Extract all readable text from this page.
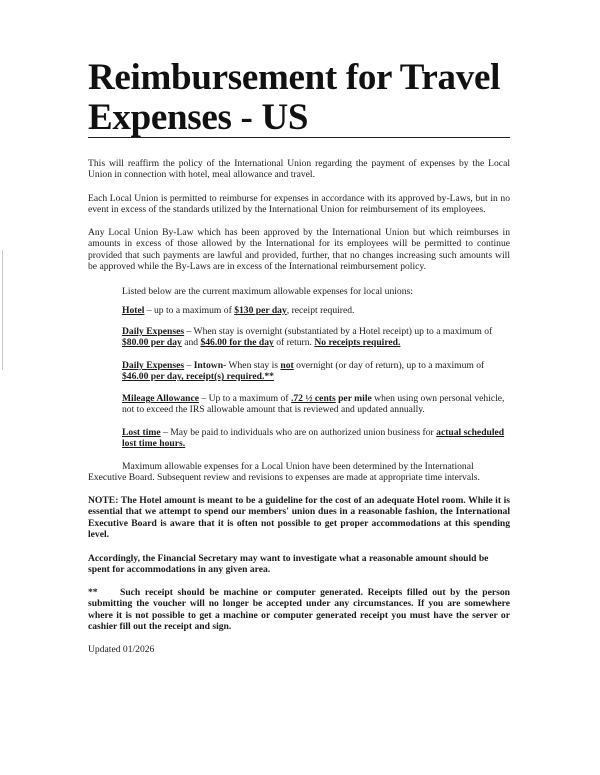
Reimbursement for Travel Expenses - US

This will reaffirm the policy of the International Union regarding the payment of expenses by the Local Union in connection with hotel, meal allowance and travel.

Each Local Union is permitted to reimburse for expenses in accordance with its approved by-Laws, but in no event in excess of the standards utilized by the International Union for reimbursement of its employees.

Any Local Union By-Law which has been approved by the International Union but which reimburses in amounts in excess of those allowed by the International for its employees will be permitted to continue provided that such payments are lawful and provided, further, that no changes increasing such amounts will be approved while the By-Laws are in excess of the International reimbursement policy.

Listed below are the current maximum allowable expenses for local unions:

Hotel – up to a maximum of $130 per day, receipt required.

Daily Expenses – When stay is overnight (substantiated by a Hotel receipt) up to a maximum of $80.00 per day and $46.00 for the day of return. No receipts required.

Daily Expenses – Intown- When stay is not overnight (or day of return), up to a maximum of $46.00 per day, receipt(s) required.**

Mileage Allowance – Up to a maximum of .72 ½ cents per mile when using own personal vehicle, not to exceed the IRS allowable amount that is reviewed and updated annually.

Lost time – May be paid to individuals who are on authorized union business for actual scheduled lost time hours.

Maximum allowable expenses for a Local Union have been determined by the International Executive Board. Subsequent review and revisions to expenses are made at appropriate time intervals.

NOTE: The Hotel amount is meant to be a guideline for the cost of an adequate Hotel room. While it is essential that we attempt to spend our members' union dues in a reasonable fashion, the International Executive Board is aware that it is often not possible to get proper accommodations at this spending level.

Accordingly, the Financial Secretary may want to investigate what a reasonable amount should be spent for accommodations in any given area.

** Such receipt should be machine or computer generated. Receipts filled out by the person submitting the voucher will no longer be accepted under any circumstances. If you are somewhere where it is not possible to get a machine or computer generated receipt you must have the server or cashier fill out the receipt and sign.

Updated 01/2026
